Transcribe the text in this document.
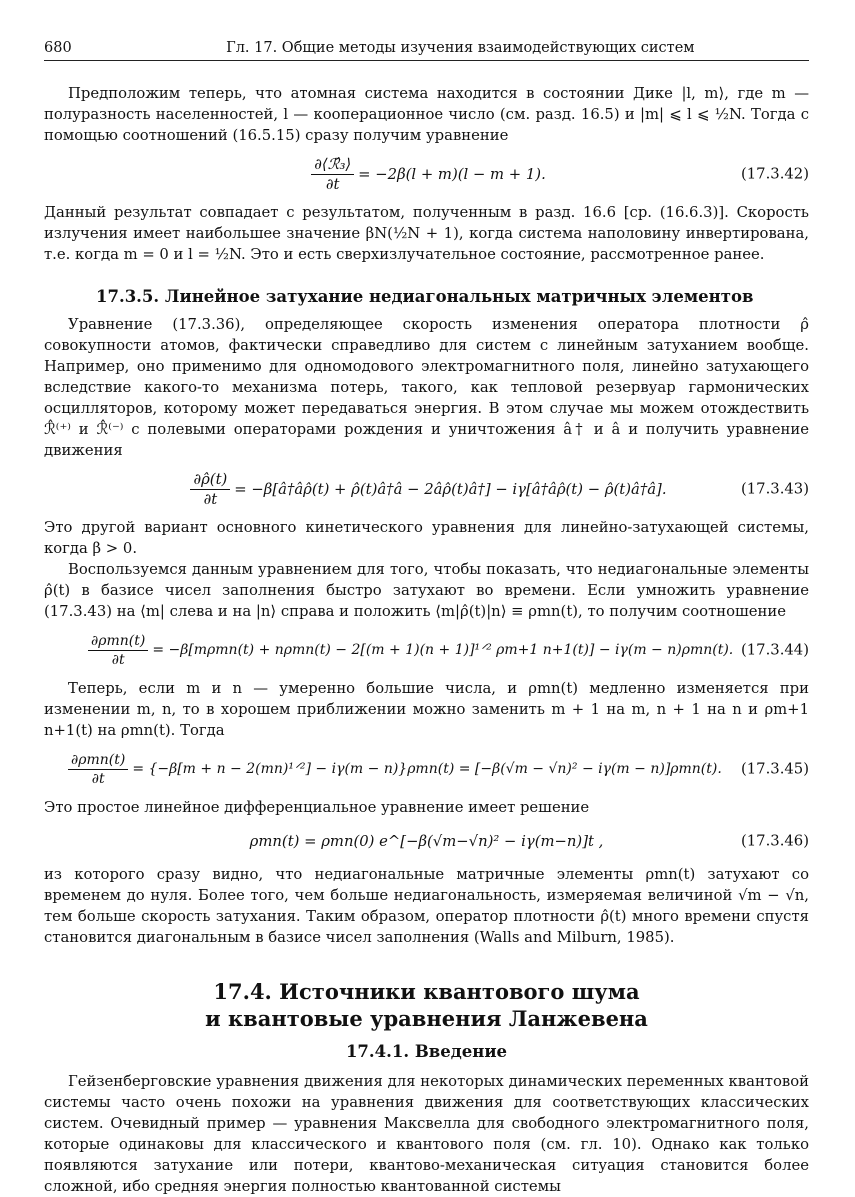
680	Гл. 17. Общие методы изучения взаимодействующих систем

Предположим теперь, что атомная система находится в состоянии Дике |l, m⟩, где m — полуразность населенностей, l — кооперационное число (см. разд. 16.5) и |m| ⩽ l ⩽ ½N. Тогда с помощью соотношений (16.5.15) сразу получим уравнение

$\frac{\text{∂⟨ℛ̂₃⟩}}{\partial t} = -2\beta(l + m)(l - m + 1)$.	(17.3.42)

Данный результат совпадает с результатом, полученным в разд. 16.6 [ср. (16.6.3)]. Скорость излучения имеет наибольшее значение βN(½N + 1), когда система наполовину инвертирована, т.е. когда m = 0 и l = ½N. Это и есть сверхизлучательное состояние, рассмотренное ранее.

17.3.5. Линейное затухание недиагональных матричных элементов

Уравнение (17.3.36), определяющее скорость изменения оператора плотности ρ̂ совокупности атомов, фактически справедливо для систем с линейным затуханием вообще. Например, оно применимо для одномодового электромагнитного поля, линейно затухающего вследствие какого-то механизма потерь, такого, как тепловой резервуар гармонических осцилляторов, которому может передаваться энергия. В этом случае мы можем отождествить ℛ̂⁽⁺⁾ и ℛ̂⁽⁻⁾ с полевыми операторами рождения и уничтожения â† и â и получить уравнение движения

$\frac{\partial\rhô(t)}{\partial t}$ = −β[â†âρ̂(t) + ρ̂(t)â†â − 2âρ̂(t)â†] − iγ[â†âρ̂(t) − ρ̂(t)â†â].	(17.3.43)

Это другой вариант основного кинетического уравнения для линейно-затухающей системы, когда β > 0.

Воспользуемся данным уравнением для того, чтобы показать, что недиагональные элементы ρ̂(t) в базисе чисел заполнения быстро затухают во времени. Если умножить уравнение (17.3.43) на ⟨m| слева и на |n⟩ справа и положить ⟨m|ρ̂(t)|n⟩ ≡ ρmn(t), то получим соотношение

$\frac{\text{∂ρmn(t)}}{\partial t} = -\beta[m\rho mn(t) + n\rho mn(t) - 2[(m + 1)(n$ + 1)]¹ᐟ² ρm+1 n+1(t)] − iγ(m − n)ρmn(t). (17.3.44)

Теперь, если m и n — умеренно большие числа, и ρmn(t) медленно изменяется при изменении m, n, то в хорошем приближении можно заменить m + 1 на m, n + 1 на n и ρm+1 n+1(t) на ρmn(t). Тогда

$\frac{\text{∂ρmn(t)}}{\partial t} = \{-\beta[m + n$ − 2(mn)¹ᐟ²] − iγ(m − n)}ρmn(t) = [−β(√m − √n)² − iγ(m − n)]ρmn(t). (17.3.45)

Это простое линейное дифференциальное уравнение имеет решение

ρmn(t) = ρmn(0) e^[−β(√m−√n)² − iγ(m−n)]t ,	(17.3.46)

из которого сразу видно, что недиагональные матричные элементы ρmn(t) затухают со временем до нуля. Более того, чем больше недиагональность, измеряемая величиной √m − √n, тем больше скорость затухания. Таким образом, оператор плотности ρ̂(t) много времени спустя становится диагональным в базисе чисел заполнения (Walls and Milburn, 1985).

17.4. Источники квантового шума
и квантовые уравнения Ланжевена
17.4.1. Введение

Гейзенберговские уравнения движения для некоторых динамических переменных квантовой системы часто очень похожи на уравнения движения для соответствующих классических систем. Очевидный пример — уравнения Максвелла для свободного электромагнитного поля, которые одинаковы для классического и квантового поля (см. гл. 10). Однако как только появляются затухание или потери, квантово-механическая ситуация становится более сложной, ибо средняя энергия полностью квантованной системы
